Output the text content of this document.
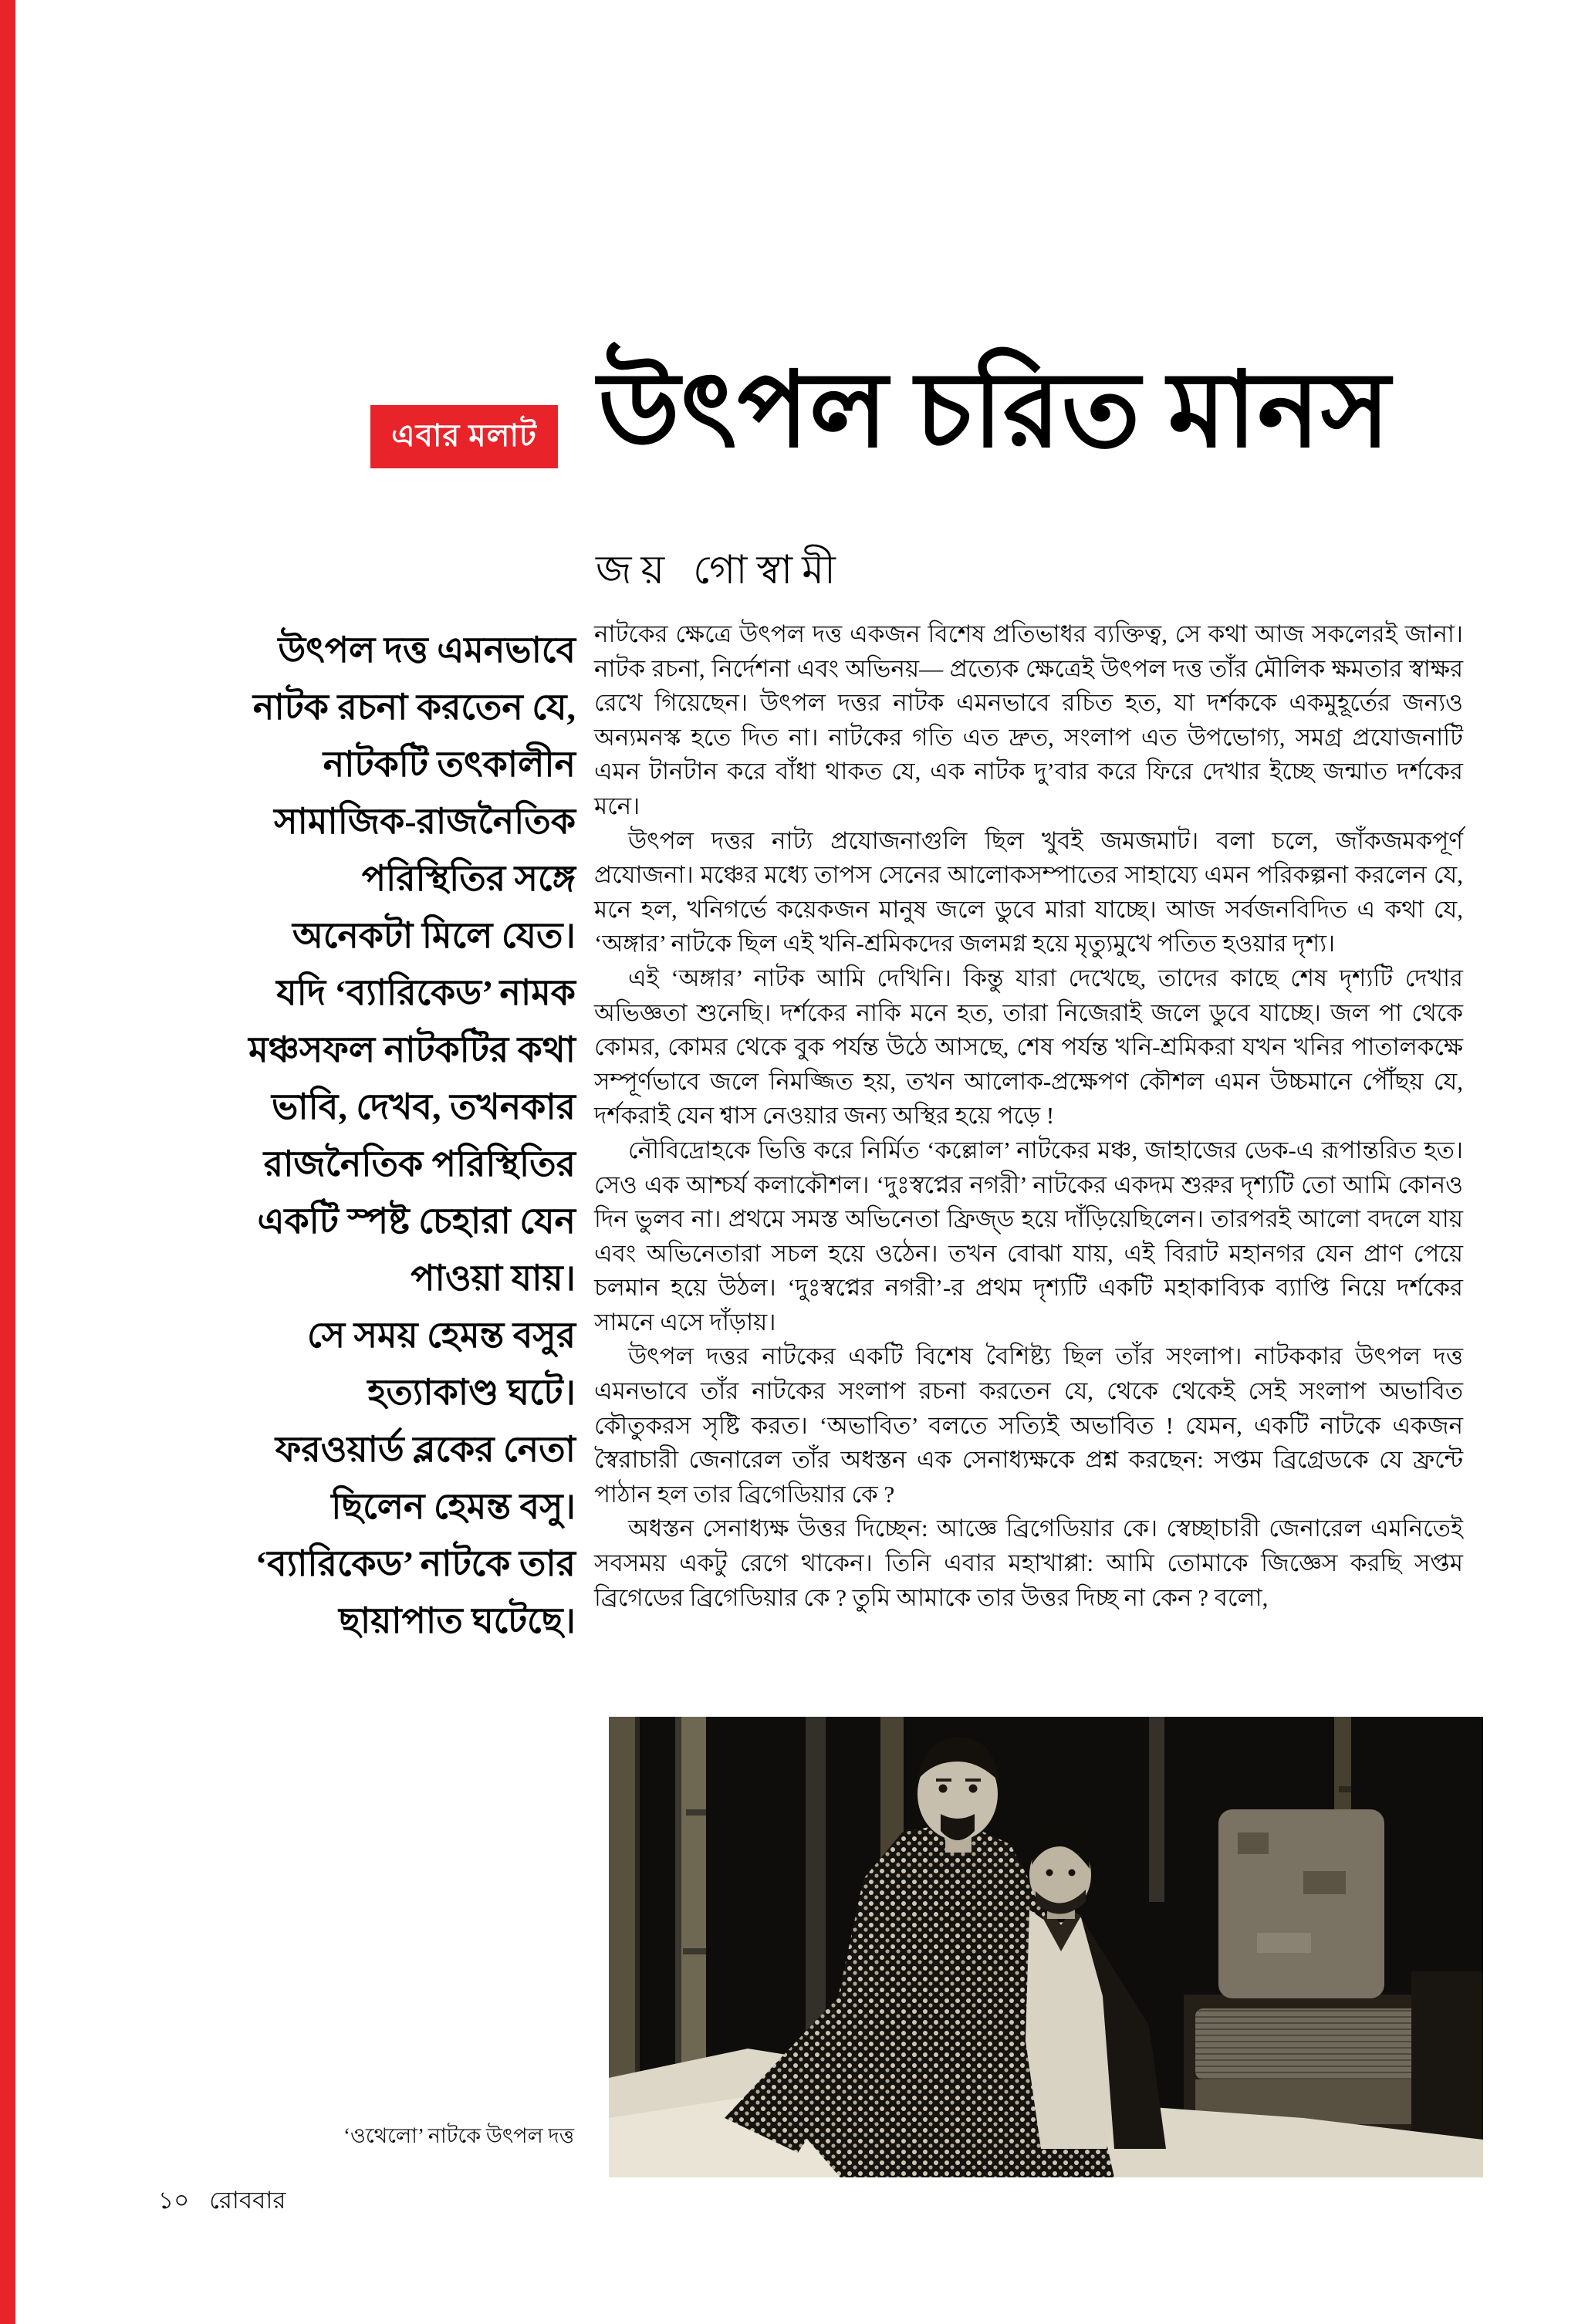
এবার মলাট উৎপল চরিত মানস
জয় গোস্বামী
উৎপল দত্ত এমনভাবে
নাটক রচনা করতেন যে,
নাটকটি তৎকালীন
সামাজিক-রাজনৈতিক
পরিস্থিতির সঙ্গে
অনেকটা মিলে যেত।
যদি ‘ব্যারিকেড’ নামক
মঞ্চসফল নাটকটির কথা
ভাবি, দেখব, তখনকার
রাজনৈতিক পরিস্থিতির
একটি স্পষ্ট চেহারা যেন
পাওয়া যায়।
সে সময় হেমন্ত বসুর
হত্যাকাণ্ড ঘটে।
ফরওয়ার্ড ব্লকের নেতা
ছিলেন হেমন্ত বসু।
‘ব্যারিকেড’ নাটকে তার
ছায়াপাত ঘটেছে।

নাটকের ক্ষেত্রে উৎপল দত্ত একজন বিশেষ প্রতিভাধর ব্যক্তিত্ব, সে কথা আজ সকলেরই জানা। নাটক রচনা, নির্দেশনা এবং অভিনয়— প্রত্যেক ক্ষেত্রেই উৎপল দত্ত তাঁর মৌলিক ক্ষমতার স্বাক্ষর রেখে গিয়েছেন। উৎপল দত্তর নাটক এমনভাবে রচিত হত, যা দর্শককে একমুহূর্তের জন্যও অন্যমনস্ক হতে দিত না। নাটকের গতি এত দ্রুত, সংলাপ এত উপভোগ্য, সমগ্র প্রযোজনাটি এমন টানটান করে বাঁধা থাকত যে, এক নাটক দু’বার করে ফিরে দেখার ইচ্ছে জন্মাত দর্শকের মনে।

উৎপল দত্তর নাট্য প্রযোজনাগুলি ছিল খুবই জমজমাট। বলা চলে, জাঁকজমকপূর্ণ প্রযোজনা। মঞ্চের মধ্যে তাপস সেনের আলোকসম্পাতের সাহায্যে এমন পরিকল্পনা করলেন যে, মনে হল, খনিগর্ভে কয়েকজন মানুষ জলে ডুবে মারা যাচ্ছে। আজ সর্বজনবিদিত এ কথা যে, ‘অঙ্গার’ নাটকে ছিল এই খনি-শ্রমিকদের জলমগ্ন হয়ে মৃত্যুমুখে পতিত হওয়ার দৃশ্য।

এই ‘অঙ্গার’ নাটক আমি দেখিনি। কিন্তু যারা দেখেছে, তাদের কাছে শেষ দৃশ্যটি দেখার অভিজ্ঞতা শুনেছি। দর্শকের নাকি মনে হত, তারা নিজেরাই জলে ডুবে যাচ্ছে। জল পা থেকে কোমর, কোমর থেকে বুক পর্যন্ত উঠে আসছে, শেষ পর্যন্ত খনি-শ্রমিকরা যখন খনির পাতালকক্ষে সম্পূর্ণভাবে জলে নিমজ্জিত হয়, তখন আলোক-প্রক্ষেপণ কৌশল এমন উচ্চমানে পৌঁছয় যে, দর্শকরাই যেন শ্বাস নেওয়ার জন্য অস্থির হয়ে পড়ে !

নৌবিদ্রোহকে ভিত্তি করে নির্মিত ‘কল্লোল’ নাটকের মঞ্চ, জাহাজের ডেক-এ রূপান্তরিত হত। সেও এক আশ্চর্য কলাকৌশল। ‘দুঃস্বপ্নের নগরী’ নাটকের একদম শুরুর দৃশ্যটি তো আমি কোনও দিন ভুলব না। প্রথমে সমস্ত অভিনেতা ফ্রিজ্‌ড হয়ে দাঁড়িয়েছিলেন। তারপরই আলো বদলে যায় এবং অভিনেতারা সচল হয়ে ওঠেন। তখন বোঝা যায়, এই বিরাট মহানগর যেন প্রাণ পেয়ে চলমান হয়ে উঠল। ‘দুঃস্বপ্নের নগরী’-র প্রথম দৃশ্যটি একটি মহাকাব্যিক ব্যাপ্তি নিয়ে দর্শকের সামনে এসে দাঁড়ায়।

উৎপল দত্তর নাটকের একটি বিশেষ বৈশিষ্ট্য ছিল তাঁর সংলাপ। নাটককার উৎপল দত্ত এমনভাবে তাঁর নাটকের সংলাপ রচনা করতেন যে, থেকে থেকেই সেই সংলাপ অভাবিত কৌতুকরস সৃষ্টি করত। ‘অভাবিত’ বলতে সত্যিই অভাবিত ! যেমন, একটি নাটকে একজন স্বৈরাচারী জেনারেল তাঁর অধস্তন এক সেনাধ্যক্ষকে প্রশ্ন করছেন: সপ্তম ব্রিগ্রেডকে যে ফ্রন্টে পাঠান হল তার ব্রিগেডিয়ার কে ?

অধস্তন সেনাধ্যক্ষ উত্তর দিচ্ছেন: আজ্ঞে ব্রিগেডিয়ার কে। স্বেচ্ছাচারী জেনারেল এমনিতেই সবসময় একটু রেগে থাকেন। তিনি এবার মহাখাপ্পা: আমি তোমাকে জিজ্ঞেস করছি সপ্তম ব্রিগেডের ব্রিগেডিয়ার কে ? তুমি আমাকে তার উত্তর দিচ্ছ না কেন ? বলো,

‘ওথেলো’ নাটকে উৎপল দত্ত
১০ রোববার
